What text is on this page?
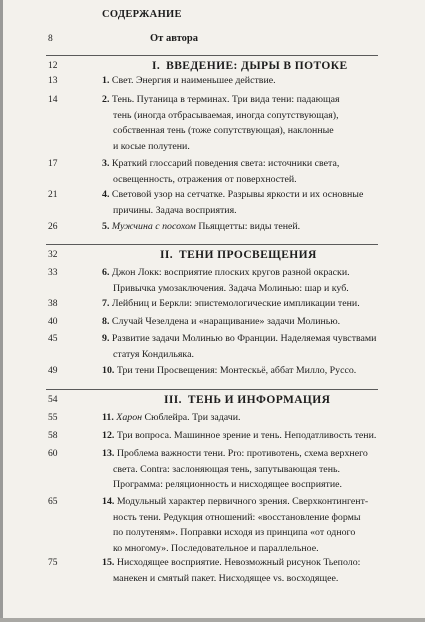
СОДЕРЖАНИЕ
8	От автора
12	I. ВВЕДЕНИЕ: ДЫРЫ В ПОТОКЕ
13	1. Свет. Энергия и наименьшее действие.
14	2. Тень. Путаница в терминах. Три вида тени: падающая
тень (иногда отбрасываемая, иногда сопутствующая),
собственная тень (тоже сопутствующая), наклонные
и косые полутени.
17	3. Краткий глоссарий поведения света: источники света,
освещенность, отражения от поверхностей.
21	4. Световой узор на сетчатке. Разрывы яркости и их основные
причины. Задача восприятия.
26	5. Мужчина с посохом Пьяццетты: виды теней.
32	II. ТЕНИ ПРОСВЕЩЕНИЯ
33	6. Джон Локк: восприятие плоских кругов разной окраски.
Привычка умозаключения. Задача Молинью: шар и куб.
38	7. Лейбниц и Беркли: эпистемологические импликации тени.
40	8. Случай Чезелдена и «наращивание» задачи Молинью.
45	9. Развитие задачи Молинью во Франции. Наделяемая чувствами
статуя Кондильяка.
49	10. Три тени Просвещения: Монтескьё, аббат Милло, Руссо.
54	III. ТЕНЬ И ИНФОРМАЦИЯ
55	11. Харон Сюблейра. Три задачи.
58	12. Три вопроса. Машинное зрение и тень. Неподатливость тени.
60	13. Проблема важности тени. Pro: противотень, схема верхнего
света. Contra: заслоняющая тень, запутывающая тень.
Программа: реляционность и нисходящее восприятие.
65	14. Модульный характер первичного зрения. Сверхконтингент-
ность тени. Редукция отношений: «восстановление формы
по полутеням». Поправки исходя из принципа «от одного
ко многому». Последовательное и параллельное.
75	15. Нисходящее восприятие. Невозможный рисунок Тьеполо:
манекен и смятый пакет. Нисходящее vs. восходящее.
